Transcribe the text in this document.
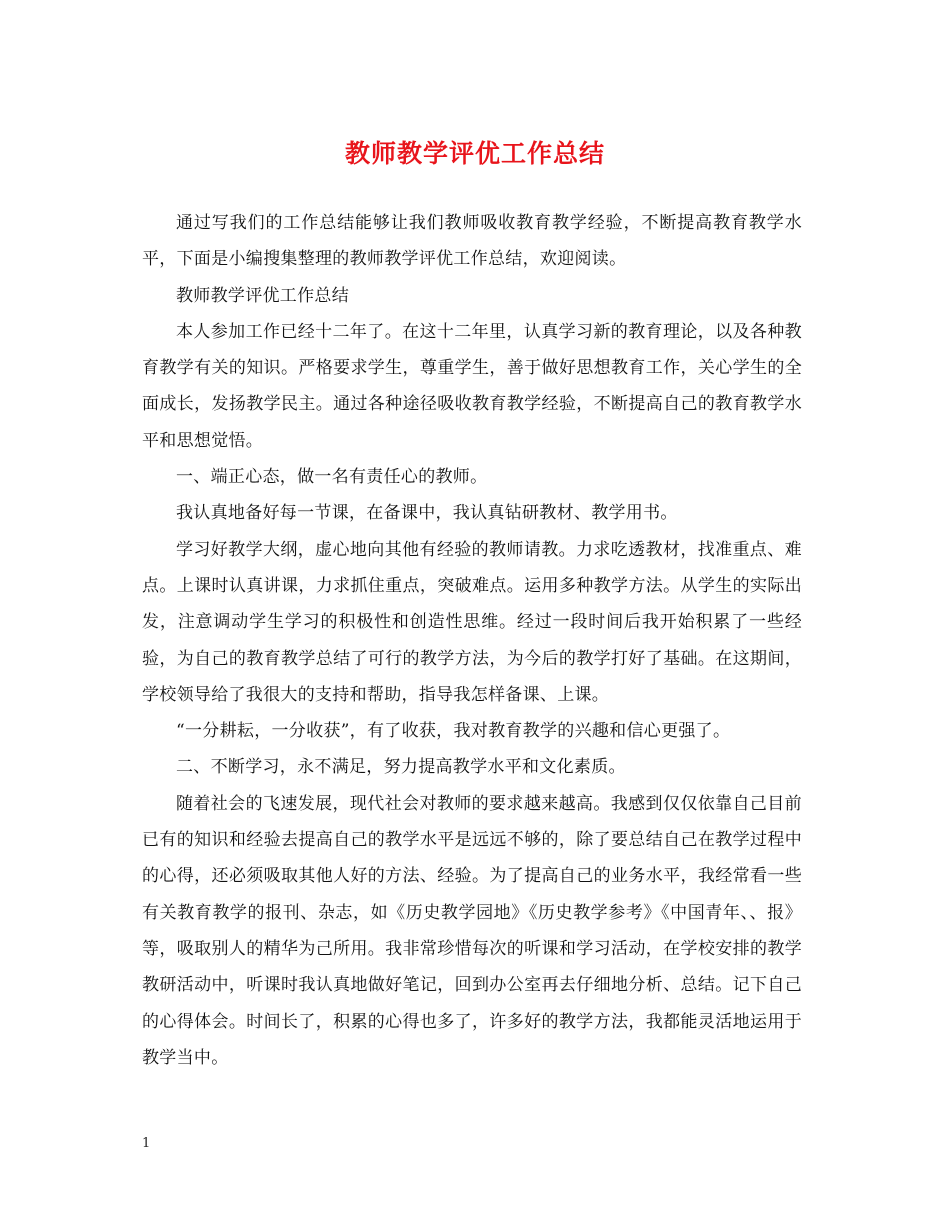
教师教学评优工作总结

通过写我们的工作总结能够让我们教师吸收教育教学经验，不断提高教育教学水平，下面是小编搜集整理的教师教学评优工作总结，欢迎阅读。

教师教学评优工作总结

本人参加工作已经十二年了。在这十二年里，认真学习新的教育理论，以及各种教育教学有关的知识。严格要求学生，尊重学生，善于做好思想教育工作，关心学生的全面成长，发扬教学民主。通过各种途径吸收教育教学经验，不断提高自己的教育教学水平和思想觉悟。

一、端正心态，做一名有责任心的教师。

我认真地备好每一节课，在备课中，我认真钻研教材、教学用书。

学习好教学大纲，虚心地向其他有经验的教师请教。力求吃透教材，找准重点、难点。上课时认真讲课，力求抓住重点，突破难点。运用多种教学方法。从学生的实际出发，注意调动学生学习的积极性和创造性思维。经过一段时间后我开始积累了一些经验，为自己的教育教学总结了可行的教学方法，为今后的教学打好了基础。在这期间，学校领导给了我很大的支持和帮助，指导我怎样备课、上课。

“一分耕耘，一分收获”，有了收获，我对教育教学的兴趣和信心更强了。

二、不断学习，永不满足，努力提高教学水平和文化素质。

随着社会的飞速发展，现代社会对教师的要求越来越高。我感到仅仅依靠自己目前已有的知识和经验去提高自己的教学水平是远远不够的，除了要总结自己在教学过程中的心得，还必须吸取其他人好的方法、经验。为了提高自己的业务水平，我经常看一些有关教育教学的报刊、杂志，如《历史教学园地》《历史教学参考》《中国青年、、报》等，吸取别人的精华为己所用。我非常珍惜每次的听课和学习活动，在学校安排的教学教研活动中，听课时我认真地做好笔记，回到办公室再去仔细地分析、总结。记下自己的心得体会。时间长了，积累的心得也多了，许多好的教学方法，我都能灵活地运用于教学当中。

1
